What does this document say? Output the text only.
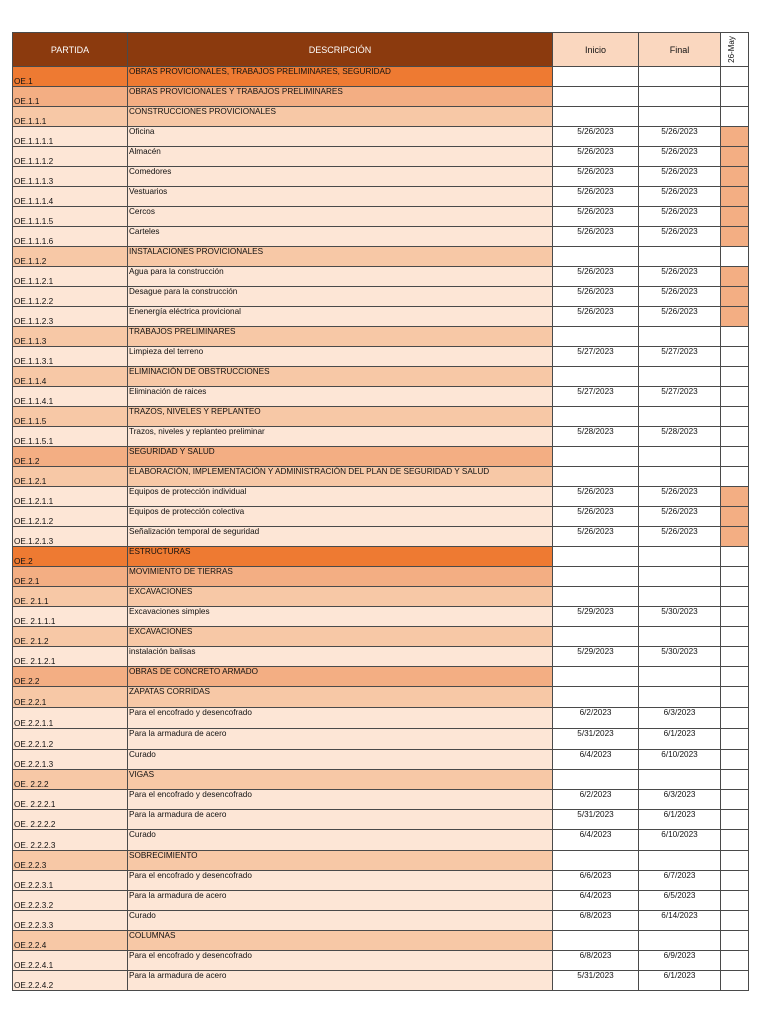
PARTIDA	DESCRIPCIÓN	Inicio	Final	26-May

OE.1	OBRAS PROVICIONALES, TRABAJOS PRELIMINARES, SEGURIDAD			
OE.1.1	OBRAS PROVICIONALES Y TRABAJOS PRELIMINARES			
OE.1.1.1	CONSTRUCCIONES PROVICIONALES			
OE.1.1.1.1	Oficina	5/26/2023	5/26/2023	
OE.1.1.1.2	Almacén	5/26/2023	5/26/2023	
OE.1.1.1.3	Comedores	5/26/2023	5/26/2023	
OE.1.1.1.4	Vestuarios	5/26/2023	5/26/2023	
OE.1.1.1.5	Cercos	5/26/2023	5/26/2023	
OE.1.1.1.6	Carteles	5/26/2023	5/26/2023	
OE.1.1.2	INSTALACIONES PROVICIONALES			
OE.1.1.2.1	Agua para la construcción	5/26/2023	5/26/2023	
OE.1.1.2.2	Desague para la construcción	5/26/2023	5/26/2023	
OE.1.1.2.3	Enenergía eléctrica provicional	5/26/2023	5/26/2023	
OE.1.1.3	TRABAJOS PRELIMINARES			
OE.1.1.3.1	Limpieza del terreno	5/27/2023	5/27/2023	
OE.1.1.4	ELIMINACIÓN DE OBSTRUCCIONES			
OE.1.1.4.1	Eliminación de raices	5/27/2023	5/27/2023	
OE.1.1.5	TRAZOS, NIVELES Y REPLANTEO			
OE.1.1.5.1	Trazos, niveles y replanteo preliminar	5/28/2023	5/28/2023	
OE.1.2	SEGURIDAD Y SALUD			
OE.1.2.1	ELABORACIÓN, IMPLEMENTACIÓN Y ADMINISTRACIÓN DEL PLAN DE SEGURIDAD Y SALUD			
OE.1.2.1.1	Equipos de protección individual	5/26/2023	5/26/2023	
OE.1.2.1.2	Equipos de protección colectiva	5/26/2023	5/26/2023	
OE.1.2.1.3	Señalización temporal de seguridad	5/26/2023	5/26/2023	
OE.2	ESTRUCTURAS			
OE.2.1	MOVIMIENTO DE TIERRAS			
OE. 2.1.1	EXCAVACIONES			
OE. 2.1.1.1	Excavaciones simples	5/29/2023	5/30/2023	
OE. 2.1.2	EXCAVACIONES			
OE. 2.1.2.1	instalación balisas	5/29/2023	5/30/2023	
OE.2.2	OBRAS DE CONCRETO ARMADO			
OE.2.2.1	ZAPATAS CORRIDAS			
OE.2.2.1.1	Para el encofrado y desencofrado	6/2/2023	6/3/2023	
OE.2.2.1.2	Para la armadura de acero	5/31/2023	6/1/2023	
OE.2.2.1.3	Curado	6/4/2023	6/10/2023	
OE. 2.2.2	VIGAS			
OE. 2.2.2.1	Para el encofrado y desencofrado	6/2/2023	6/3/2023	
OE. 2.2.2.2	Para la armadura de acero	5/31/2023	6/1/2023	
OE. 2.2.2.3	Curado	6/4/2023	6/10/2023	
OE.2.2.3	SOBRECIMIENTO			
OE.2.2.3.1	Para el encofrado y desencofrado	6/6/2023	6/7/2023	
OE.2.2.3.2	Para la armadura de acero	6/4/2023	6/5/2023	
OE.2.2.3.3	Curado	6/8/2023	6/14/2023	
OE.2.2.4	COLUMNAS			
OE.2.2.4.1	Para el encofrado y desencofrado	6/8/2023	6/9/2023	
OE.2.2.4.2	Para la armadura de acero	5/31/2023	6/1/2023	
